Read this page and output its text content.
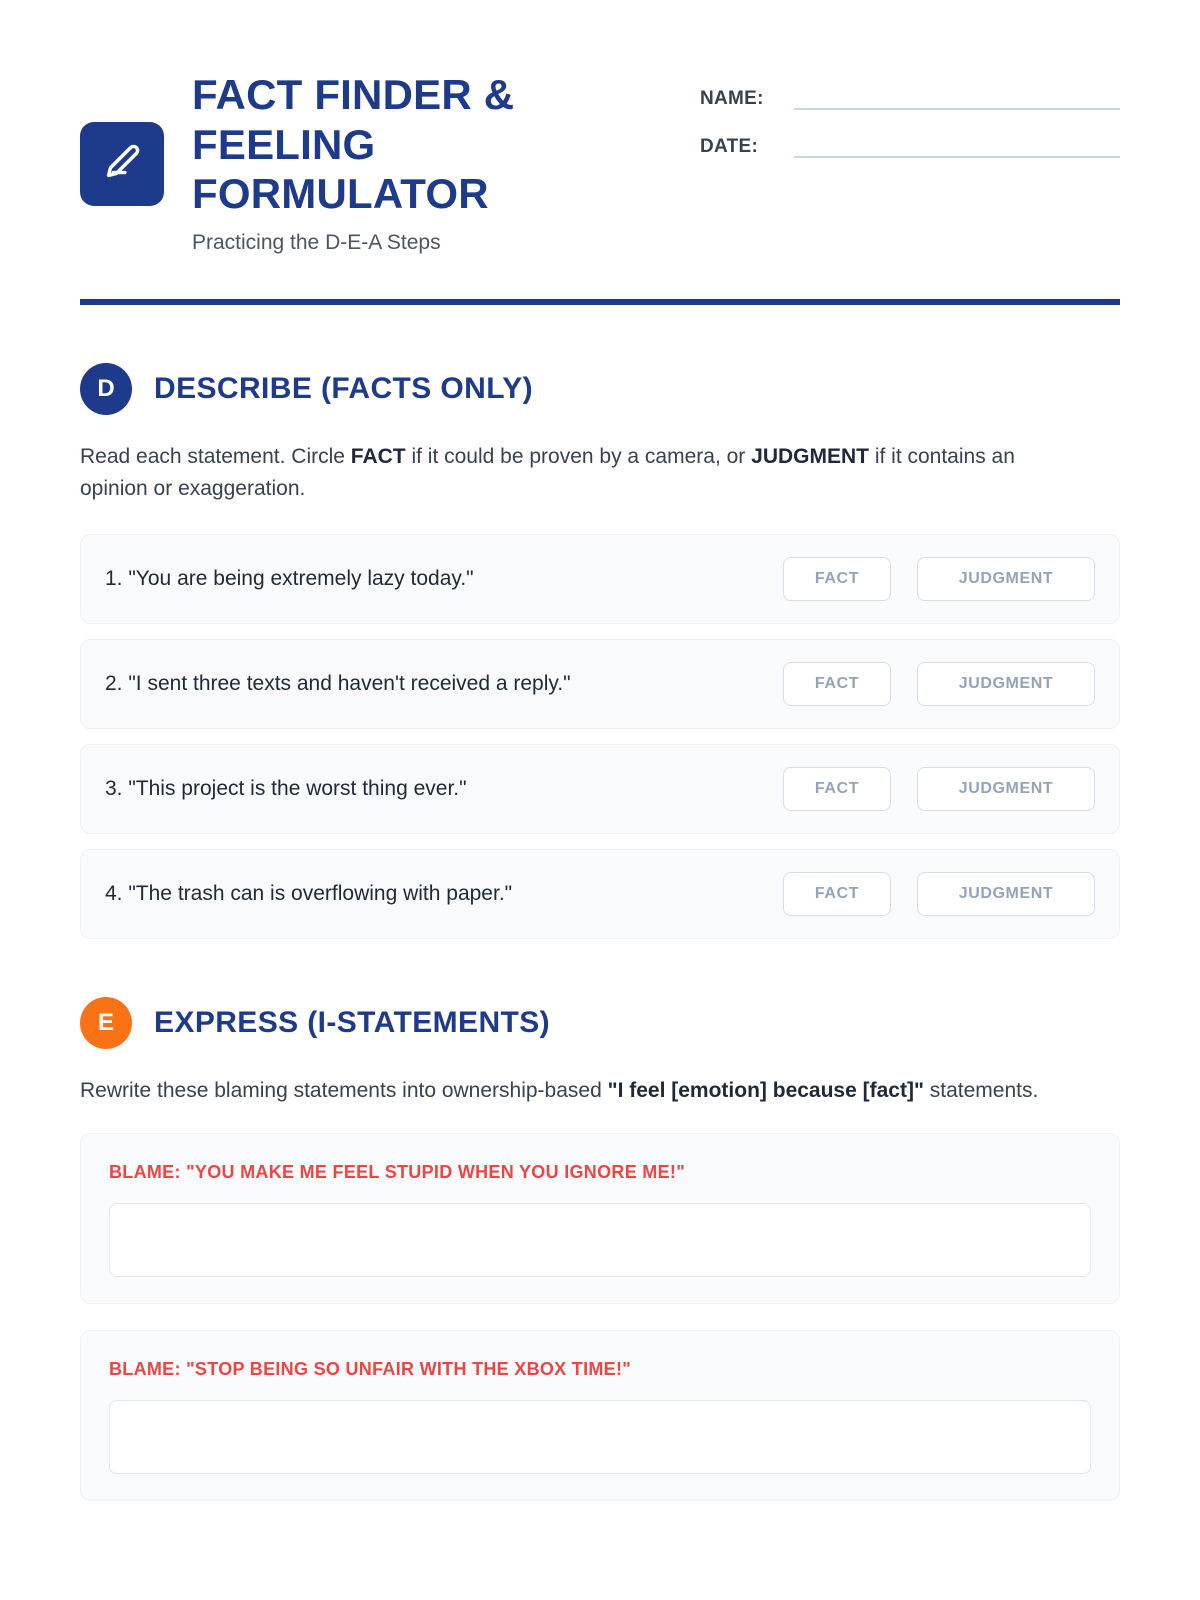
FACT FINDER & FEELING FORMULATOR
Practicing the D-E-A Steps
NAME:
DATE:
D	DESCRIBE (FACTS ONLY)
Read each statement. Circle FACT if it could be proven by a camera, or JUDGMENT if it contains an opinion or exaggeration.
1. "You are being extremely lazy today."	FACT	JUDGMENT
2. "I sent three texts and haven't received a reply."	FACT	JUDGMENT
3. "This project is the worst thing ever."	FACT	JUDGMENT
4. "The trash can is overflowing with paper."	FACT	JUDGMENT
E	EXPRESS (I-STATEMENTS)
Rewrite these blaming statements into ownership-based "I feel [emotion] because [fact]" statements.
BLAME: "YOU MAKE ME FEEL STUPID WHEN YOU IGNORE ME!"
BLAME: "STOP BEING SO UNFAIR WITH THE XBOX TIME!"
